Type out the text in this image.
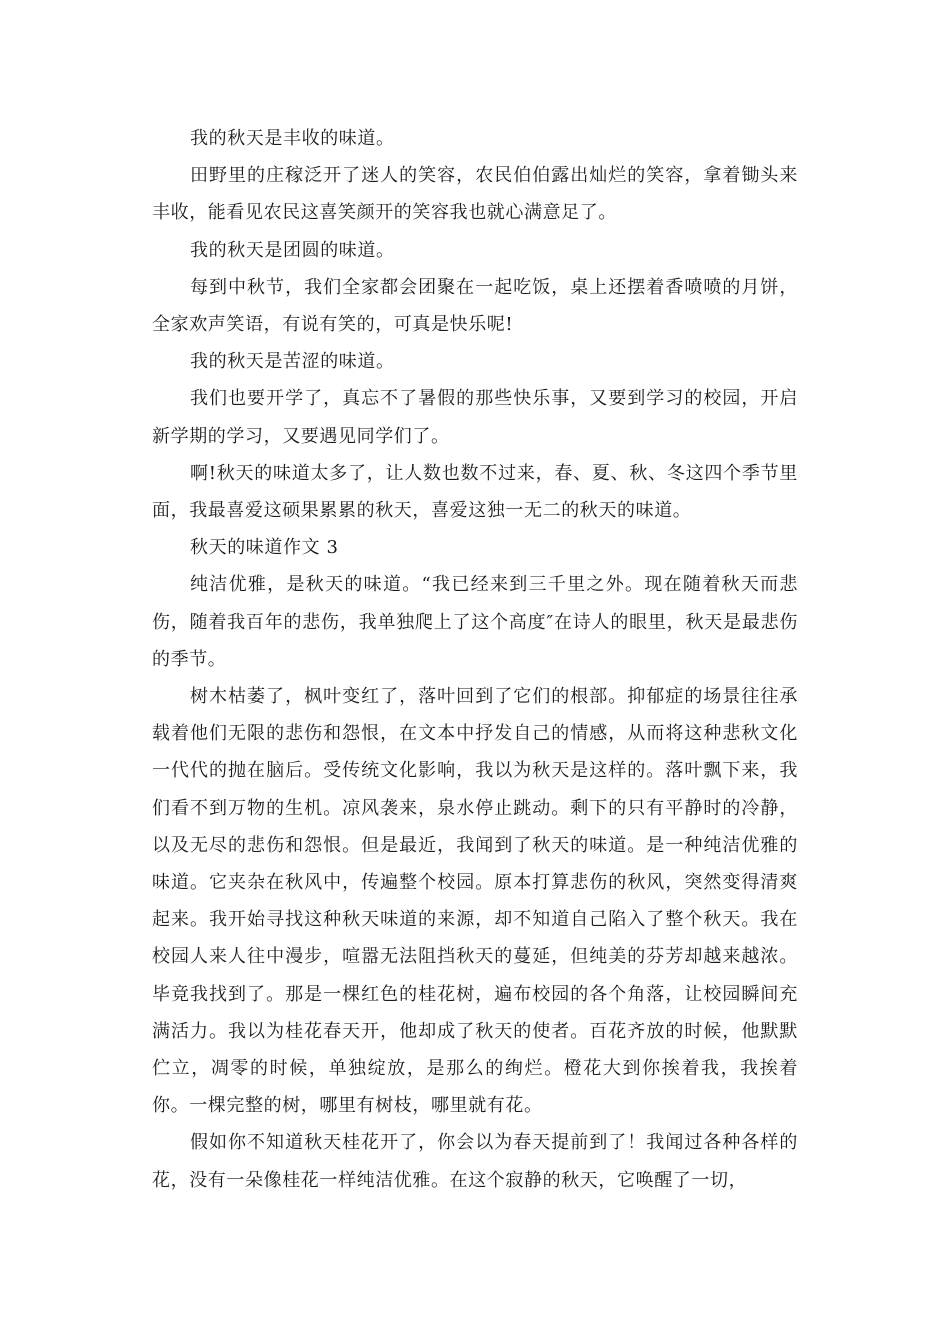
我的秋天是丰收的味道。

田野里的庄稼泛开了迷人的笑容，农民伯伯露出灿烂的笑容，拿着锄头来丰收，能看见农民这喜笑颜开的笑容我也就心满意足了。

我的秋天是团圆的味道。

每到中秋节，我们全家都会团聚在一起吃饭，桌上还摆着香喷喷的月饼，全家欢声笑语，有说有笑的，可真是快乐呢!

我的秋天是苦涩的味道。

我们也要开学了，真忘不了暑假的那些快乐事，又要到学习的校园，开启新学期的学习，又要遇见同学们了。

啊!秋天的味道太多了，让人数也数不过来，春、夏、秋、冬这四个季节里面，我最喜爱这硕果累累的秋天，喜爱这独一无二的秋天的味道。

秋天的味道作文 3

纯洁优雅，是秋天的味道。“我已经来到三千里之外。现在随着秋天而悲伤，随着我百年的悲伤，我单独爬上了这个高度″在诗人的眼里，秋天是最悲伤的季节。

树木枯萎了，枫叶变红了，落叶回到了它们的根部。抑郁症的场景往往承载着他们无限的悲伤和怨恨，在文本中抒发自己的情感，从而将这种悲秋文化一代代的抛在脑后。受传统文化影响，我以为秋天是这样的。落叶飘下来，我们看不到万物的生机。凉风袭来，泉水停止跳动。剩下的只有平静时的冷静，以及无尽的悲伤和怨恨。但是最近，我闻到了秋天的味道。是一种纯洁优雅的味道。它夹杂在秋风中，传遍整个校园。原本打算悲伤的秋风，突然变得清爽起来。我开始寻找这种秋天味道的来源，却不知道自己陷入了整个秋天。我在校园人来人往中漫步，喧嚣无法阻挡秋天的蔓延，但纯美的芬芳却越来越浓。毕竟我找到了。那是一棵红色的桂花树，遍布校园的各个角落，让校园瞬间充满活力。我以为桂花春天开，他却成了秋天的使者。百花齐放的时候，他默默伫立，凋零的时候，单独绽放，是那么的绚烂。橙花大到你挨着我，我挨着你。一棵完整的树，哪里有树枝，哪里就有花。

假如你不知道秋天桂花开了，你会以为春天提前到了！我闻过各种各样的花，没有一朵像桂花一样纯洁优雅。在这个寂静的秋天，它唤醒了一切，
